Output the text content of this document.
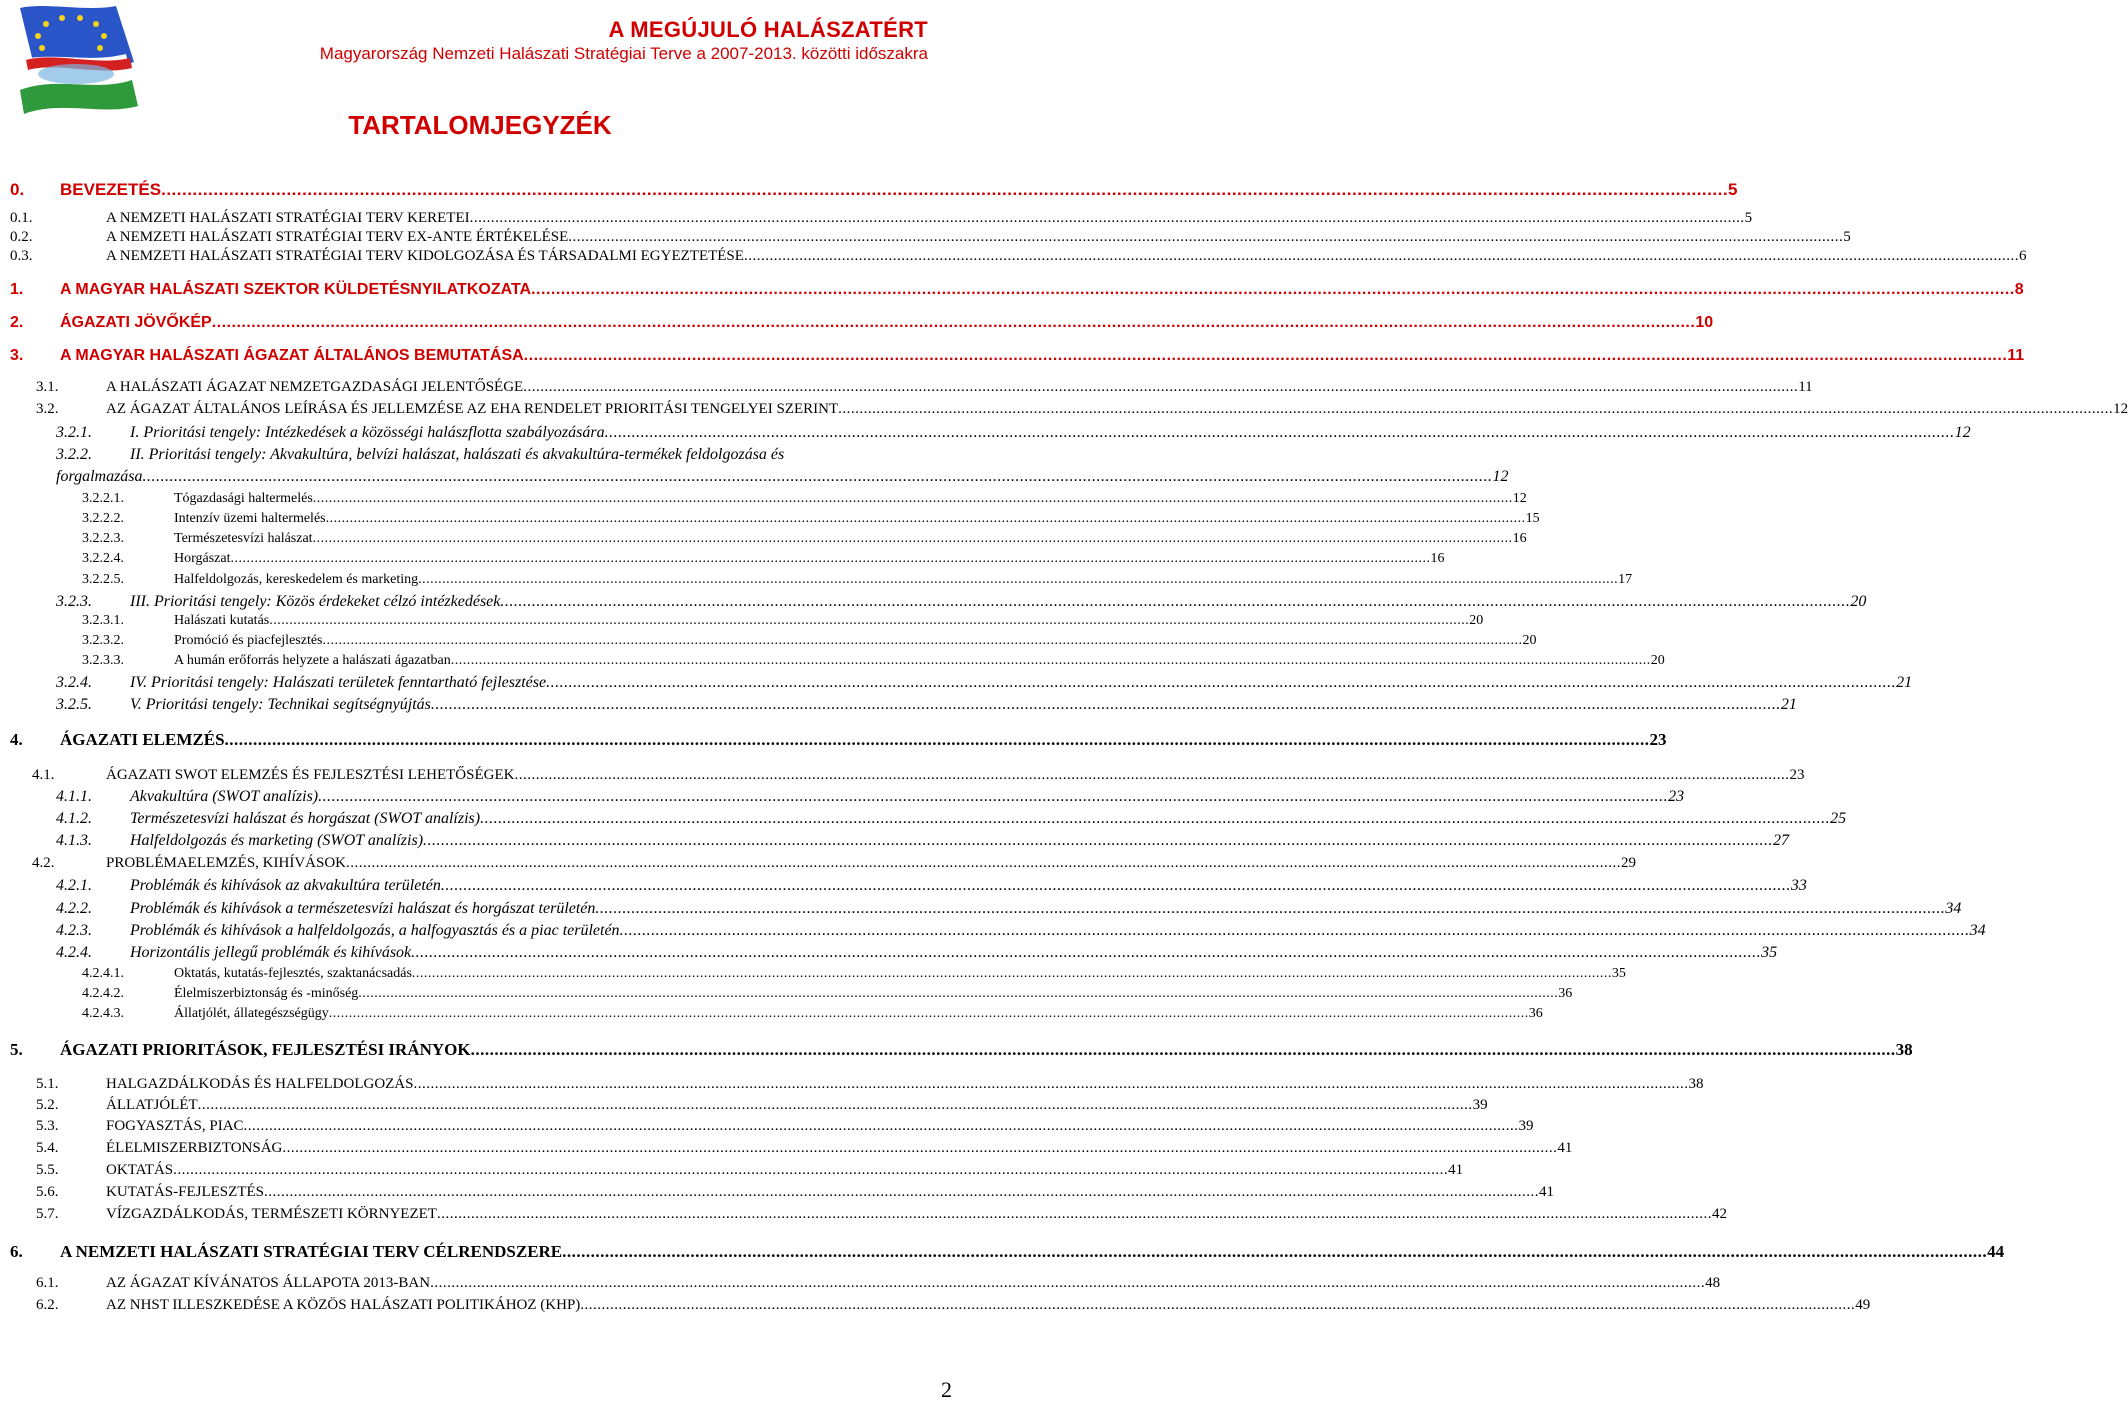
A MEGÚJULÓ HALÁSZATÉRT
Magyarország Nemzeti Halászati Stratégiai Terve a 2007-2013. közötti időszakra
TARTALOMJEGYZÉK
0. BEVEZETÉS ............................................................................................................................................................................................................................................................................................................ 5
0.1.	A NEMZETI HALÁSZATI STRATÉGIAI TERV KERETEI ............................................................................................................................................................................................................................................................................................................ 5
0.2.	A NEMZETI HALÁSZATI STRATÉGIAI TERV EX-ANTE ÉRTÉKELÉSE ............................................................................................................................................................................................................................................................................................................ 5
0.3.	A NEMZETI HALÁSZATI STRATÉGIAI TERV KIDOLGOZÁSA ÉS TÁRSADALMI EGYEZTETÉSE ............................................................................................................................................................................................................................................................................................................ 6
1. A MAGYAR HALÁSZATI SZEKTOR KÜLDETÉSNYILATKOZATA ............................................................................................................................................................................................................................................................................................................ 8
2. ÁGAZATI JÖVŐKÉP ............................................................................................................................................................................................................................................................................................................ 10
3. A MAGYAR HALÁSZATI ÁGAZAT ÁLTALÁNOS BEMUTATÁSA ............................................................................................................................................................................................................................................................................................................ 11
3.1.	A HALÁSZATI ÁGAZAT NEMZETGAZDASÁGI JELENTŐSÉGE ............................................................................................................................................................................................................................................................................................................ 11
3.2.	AZ ÁGAZAT ÁLTALÁNOS LEÍRÁSA ÉS JELLEMZÉSE AZ EHA RENDELET PRIORITÁSI TENGELYEI SZERINT ............................................................................................................................................................................................................................................................................................................ 12
3.2.1. I. Prioritási tengely: Intézkedések a közösségi halászflotta szabályozására ............................................................................................................................................................................................................................................................................................................ 12
3.2.2. II. Prioritási tengely: Akvakultúra, belvízi halászat, halászati és akvakultúra-termékek feldolgozása és
forgalmazása ............................................................................................................................................................................................................................................................................................................ 12
3.2.2.1.	Tógazdasági haltermelés ............................................................................................................................................................................................................................................................................................................ 12
3.2.2.2.	Intenzív üzemi haltermelés ............................................................................................................................................................................................................................................................................................................ 15
3.2.2.3.	Természetesvízi halászat ............................................................................................................................................................................................................................................................................................................ 16
3.2.2.4.	Horgászat ............................................................................................................................................................................................................................................................................................................ 16
3.2.2.5.	Halfeldolgozás, kereskedelem és marketing ............................................................................................................................................................................................................................................................................................................ 17
3.2.3. III. Prioritási tengely: Közös érdekeket célzó intézkedések ............................................................................................................................................................................................................................................................................................................ 20
3.2.3.1.	Halászati kutatás ............................................................................................................................................................................................................................................................................................................ 20
3.2.3.2.	Promóció és piacfejlesztés ............................................................................................................................................................................................................................................................................................................ 20
3.2.3.3.	A humán erőforrás helyzete a halászati ágazatban ............................................................................................................................................................................................................................................................................................................ 20
3.2.4. IV. Prioritási tengely: Halászati területek fenntartható fejlesztése ............................................................................................................................................................................................................................................................................................................ 21
3.2.5. V. Prioritási tengely: Technikai segítségnyújtás ............................................................................................................................................................................................................................................................................................................ 21
4. ÁGAZATI ELEMZÉS ............................................................................................................................................................................................................................................................................................................ 23
4.1.	ÁGAZATI SWOT ELEMZÉS ÉS FEJLESZTÉSI LEHETŐSÉGEK ............................................................................................................................................................................................................................................................................................................ 23
4.1.1. Akvakultúra (SWOT analízis) ............................................................................................................................................................................................................................................................................................................ 23
4.1.2. Természetesvízi halászat és horgászat (SWOT analízis) ............................................................................................................................................................................................................................................................................................................ 25
4.1.3. Halfeldolgozás és marketing (SWOT analízis) ............................................................................................................................................................................................................................................................................................................ 27
4.2.	PROBLÉMAELEMZÉS, KIHÍVÁSOK ............................................................................................................................................................................................................................................................................................................ 29
4.2.1. Problémák és kihívások az akvakultúra területén ............................................................................................................................................................................................................................................................................................................ 33
4.2.2. Problémák és kihívások a természetesvízi halászat és horgászat területén ............................................................................................................................................................................................................................................................................................................ 34
4.2.3. Problémák és kihívások a halfeldolgozás, a halfogyasztás és a piac területén ............................................................................................................................................................................................................................................................................................................ 34
4.2.4. Horizontális jellegű problémák és kihívások ............................................................................................................................................................................................................................................................................................................ 35
4.2.4.1.	Oktatás, kutatás-fejlesztés, szaktanácsadás ............................................................................................................................................................................................................................................................................................................ 35
4.2.4.2.	Élelmiszerbiztonság és -minőség ............................................................................................................................................................................................................................................................................................................ 36
4.2.4.3.	Állatjólét, állategészségügy ............................................................................................................................................................................................................................................................................................................ 36
5. ÁGAZATI PRIORITÁSOK, FEJLESZTÉSI IRÁNYOK ............................................................................................................................................................................................................................................................................................................ 38
5.1.	HALGAZDÁLKODÁS ÉS HALFELDOLGOZÁS ............................................................................................................................................................................................................................................................................................................ 38
5.2.	ÁLLATJÓLÉT ............................................................................................................................................................................................................................................................................................................ 39
5.3.	FOGYASZTÁS, PIAC ............................................................................................................................................................................................................................................................................................................ 39
5.4.	ÉLELMISZERBIZTONSÁG ............................................................................................................................................................................................................................................................................................................ 41
5.5.	OKTATÁS ............................................................................................................................................................................................................................................................................................................ 41
5.6.	KUTATÁS-FEJLESZTÉS ............................................................................................................................................................................................................................................................................................................ 41
5.7.	VÍZGAZDÁLKODÁS, TERMÉSZETI KÖRNYEZET ............................................................................................................................................................................................................................................................................................................ 42
6. A NEMZETI HALÁSZATI STRATÉGIAI TERV CÉLRENDSZERE ............................................................................................................................................................................................................................................................................................................ 44
6.1.	AZ ÁGAZAT KÍVÁNATOS ÁLLAPOTA 2013-BAN ............................................................................................................................................................................................................................................................................................................ 48
6.2.	AZ NHST ILLESZKEDÉSE A KÖZÖS HALÁSZATI POLITIKÁHOZ (KHP) ............................................................................................................................................................................................................................................................................................................ 49
2
